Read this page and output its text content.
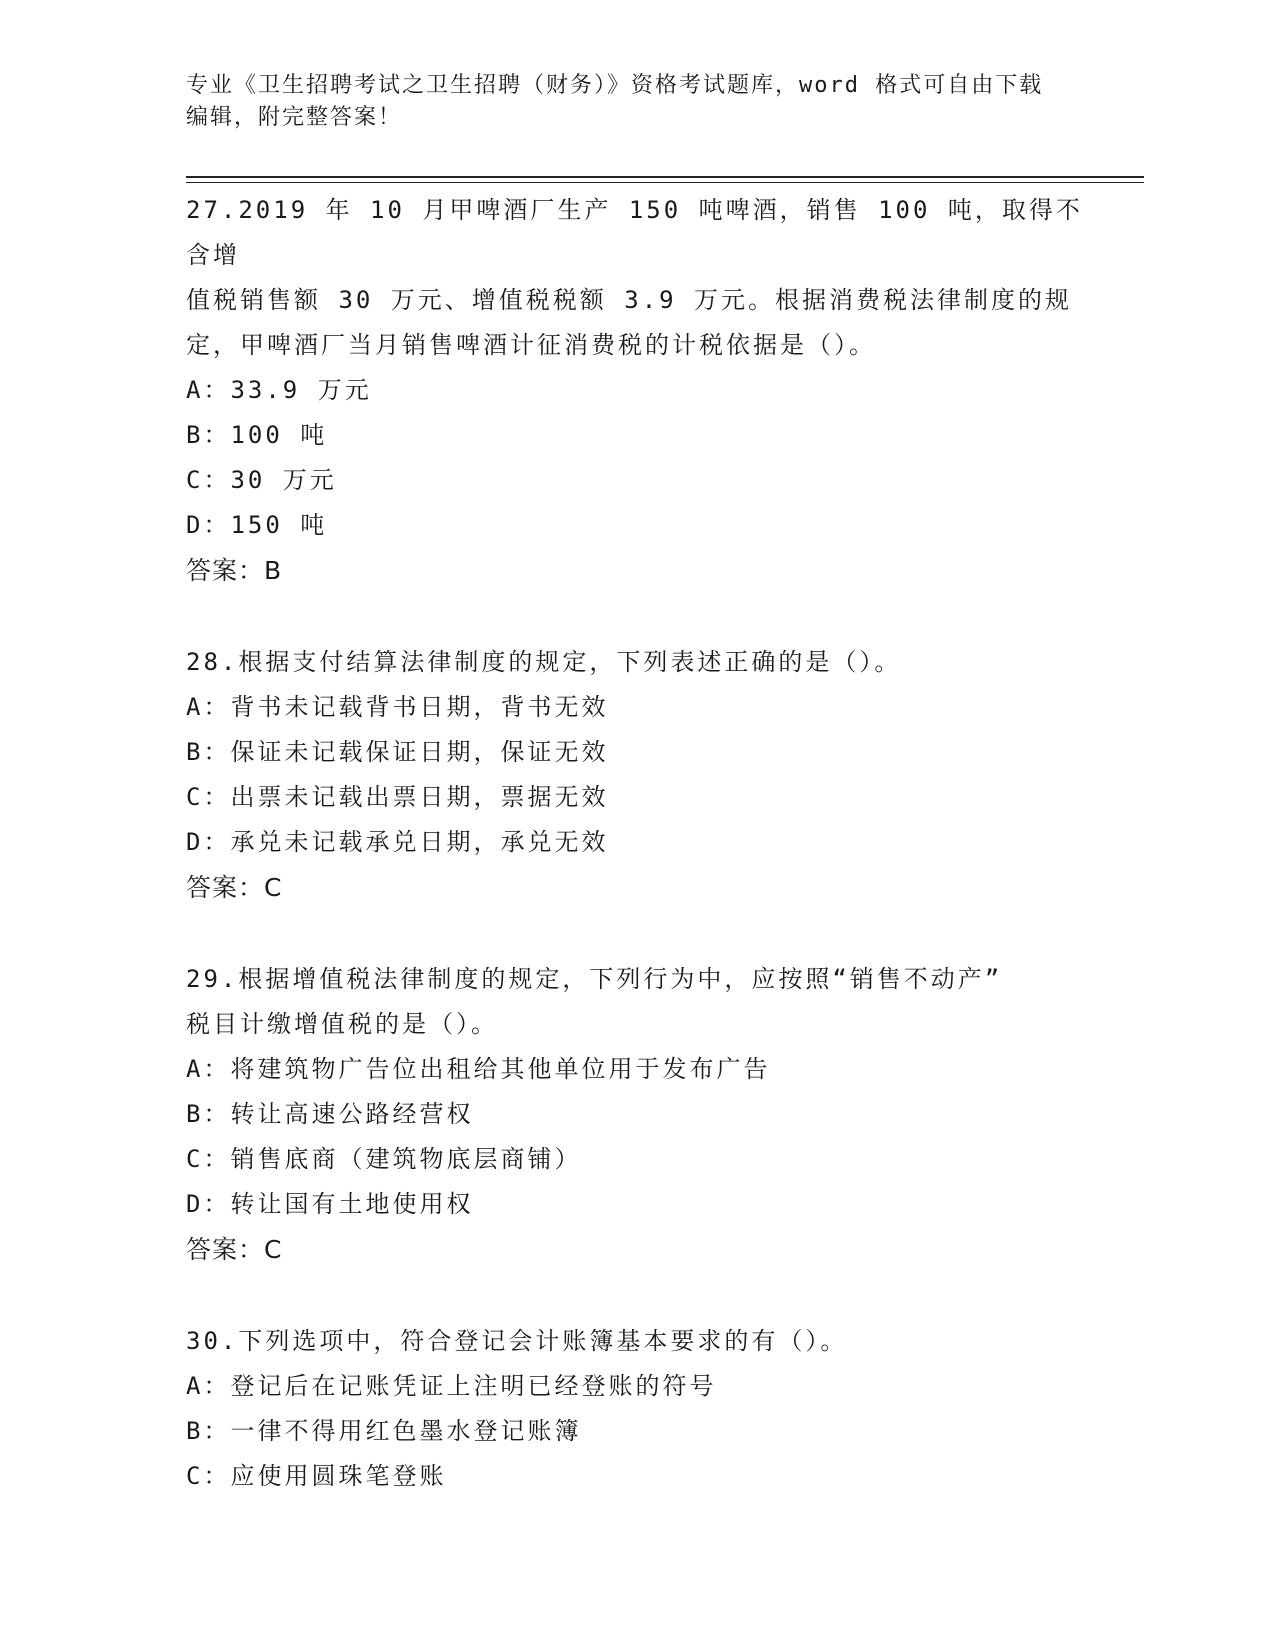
专业《卫生招聘考试之卫生招聘（财务）》资格考试题库，word 格式可自由下载
编辑，附完整答案！

27.2019 年 10 月甲啤酒厂生产 150 吨啤酒，销售 100 吨，取得不含增

值税销售额 30 万元、增值税税额 3.9 万元。根据消费税法律制度的规

定，甲啤酒厂当月销售啤酒计征消费税的计税依据是（）。

A：33.9 万元

B：100 吨

C：30 万元

D：150 吨

答案：B

28.根据支付结算法律制度的规定，下列表述正确的是（）。

A：背书未记载背书日期，背书无效

B：保证未记载保证日期，保证无效

C：出票未记载出票日期，票据无效

D：承兑未记载承兑日期，承兑无效

答案：C

29.根据增值税法律制度的规定，下列行为中，应按照“销售不动产”

税目计缴增值税的是（）。

A：将建筑物广告位出租给其他单位用于发布广告

B：转让高速公路经营权

C：销售底商（建筑物底层商铺）

D：转让国有土地使用权

答案：C

30.下列选项中，符合登记会计账簿基本要求的有（）。

A：登记后在记账凭证上注明已经登账的符号

B：一律不得用红色墨水登记账簿

C：应使用圆珠笔登账
